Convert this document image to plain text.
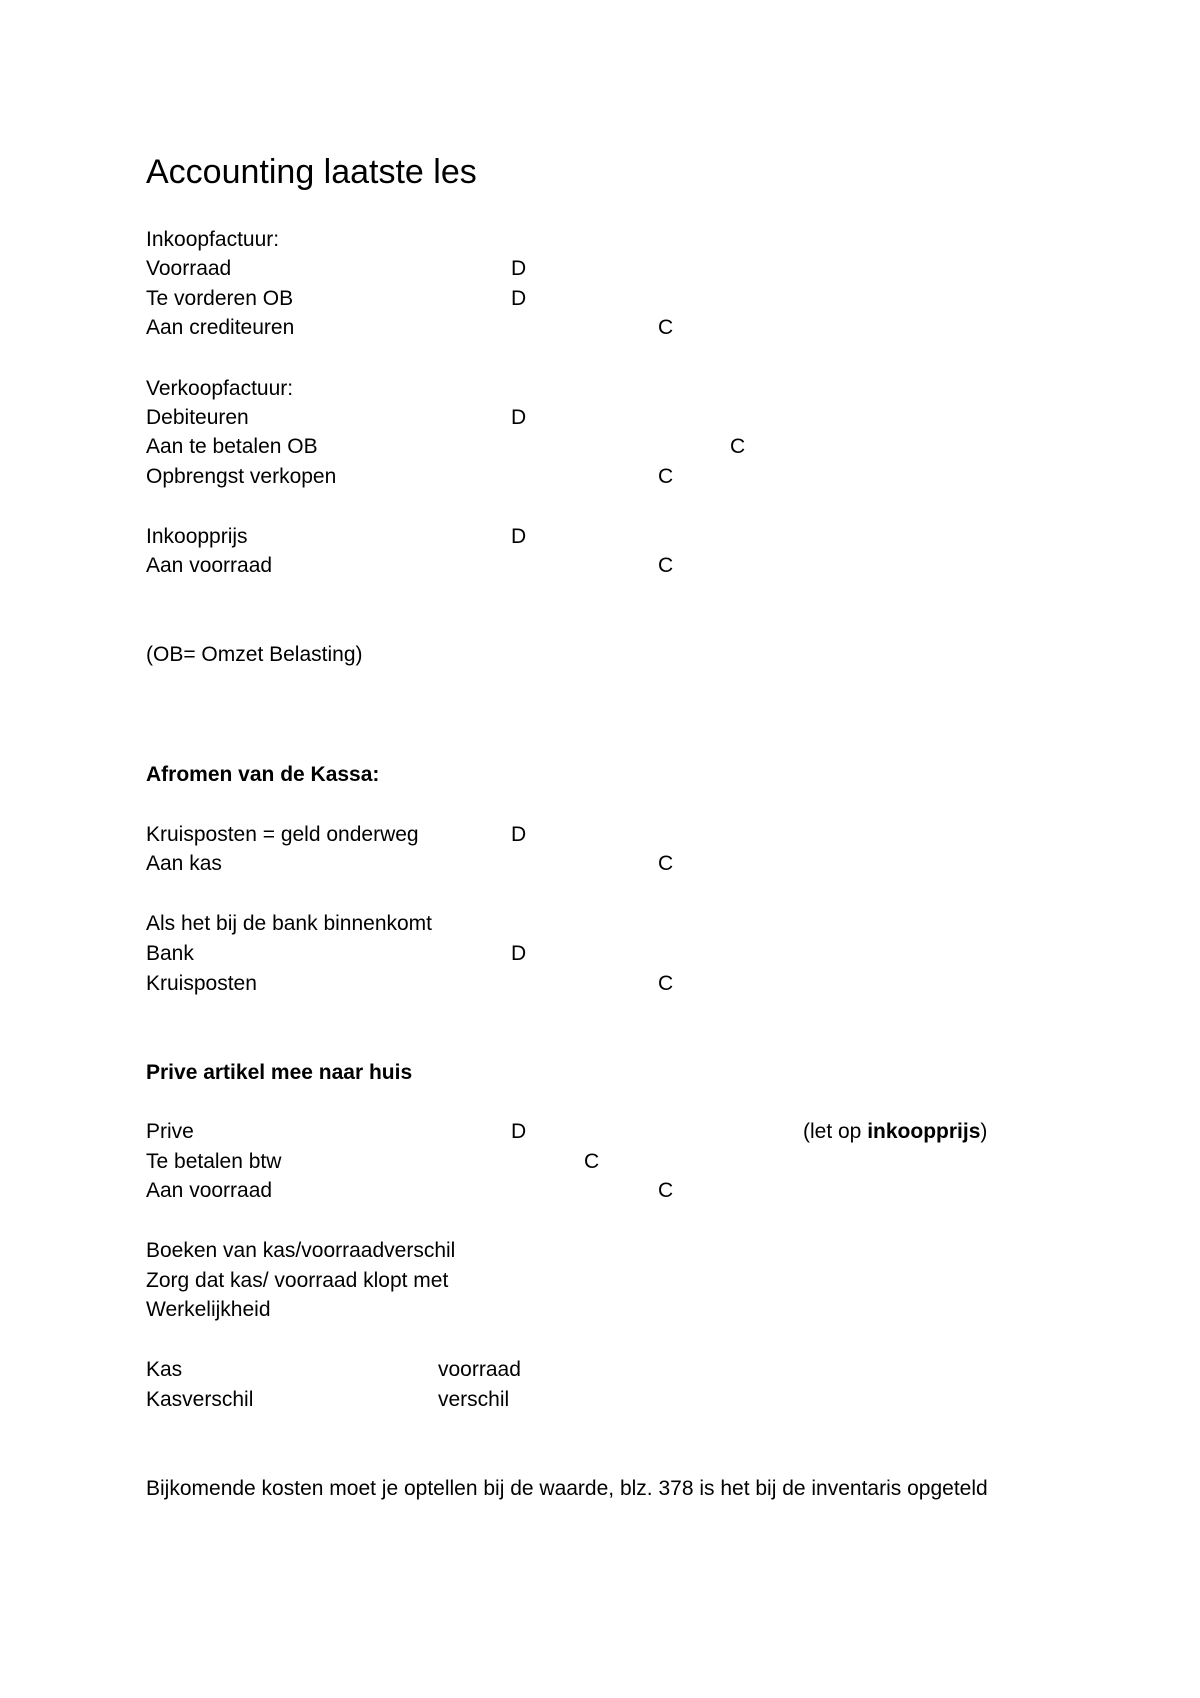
Accounting laatste les
Inkoopfactuur:
Voorraad	D
Te vorderen OB	D
Aan crediteuren	C
Verkoopfactuur:
Debiteuren	D
Aan te betalen OB	C
Opbrengst verkopen	C
Inkoopprijs	D
Aan voorraad	C
(OB= Omzet Belasting)
Afromen van de Kassa:
Kruisposten = geld onderweg	D
Aan kas	C
Als het bij de bank binnenkomt
Bank	D
Kruisposten	C
Prive artikel mee naar huis
Prive	D	(let op inkoopprijs)
Te betalen btw	C
Aan voorraad	C
Boeken van kas/voorraadverschil
Zorg dat kas/ voorraad klopt met
Werkelijkheid
Kas	voorraad
Kasverschil	verschil
Bijkomende kosten moet je optellen bij de waarde, blz. 378 is het bij de inventaris opgeteld
